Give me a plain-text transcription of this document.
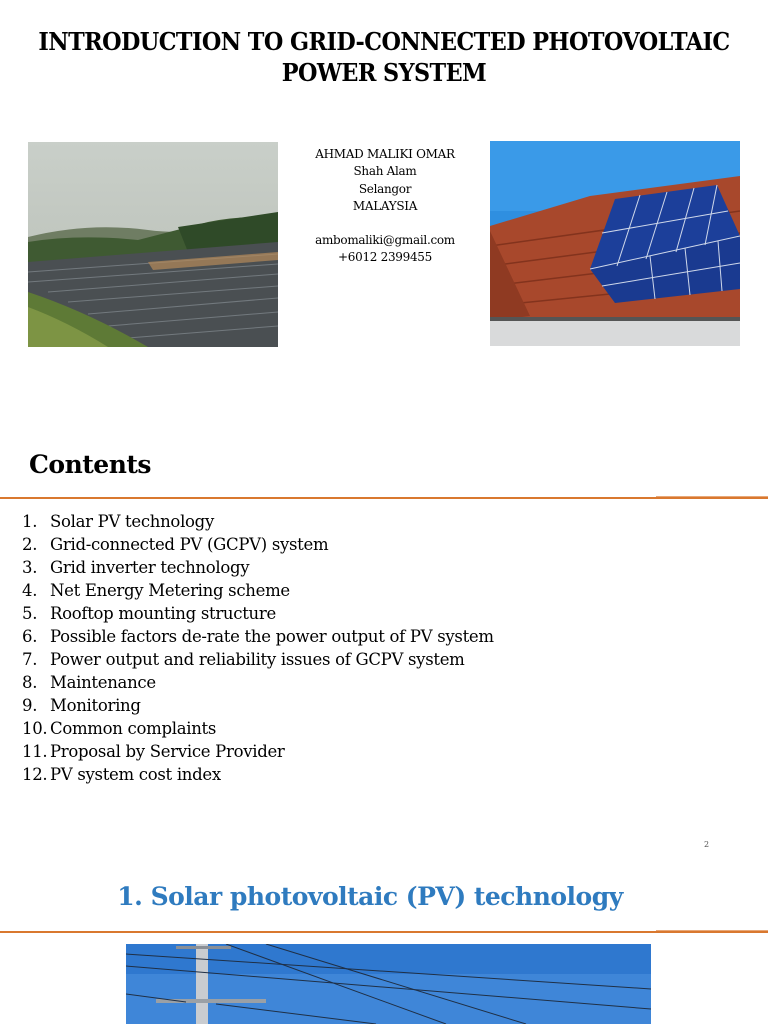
INTRODUCTION TO GRID-CONNECTED PHOTOVOLTAIC
POWER SYSTEM
AHMAD MALIKI OMAR
Shah Alam
Selangor
MALAYSIA
ambomaliki@gmail.com
+6012 2399455
Contents
1. Solar PV technology
2. Grid-connected PV (GCPV) system
3. Grid inverter technology
4. Net Energy Metering scheme
5. Rooftop mounting structure
6. Possible factors de-rate the power output of PV system
7. Power output and reliability issues of GCPV system
8. Maintenance
9. Monitoring
10. Common complaints
11. Proposal by Service Provider
12. PV system cost index
2
1. Solar photovoltaic (PV) technology
